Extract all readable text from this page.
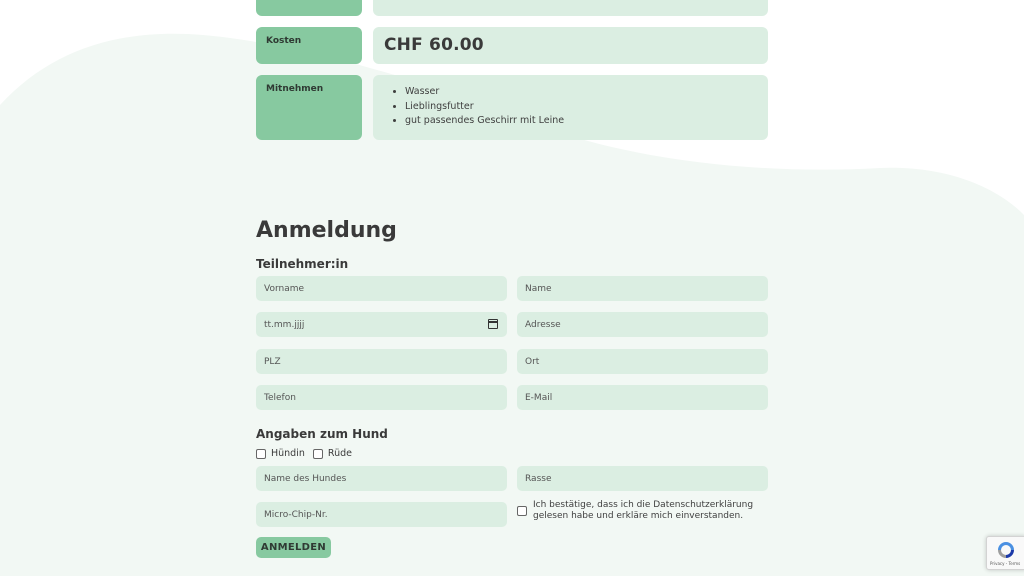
Kosten	CHF 60.00
Mitnehmen
•	Wasser
• Lieblingsfutter
• gut passendes Geschirr mit Leine
Anmeldung
Teilnehmer:in
Vorname	Name
tt.mm.jjjj	Adresse
PLZ	Ort
Telefon	E-Mail
Angaben zum Hund
Hündin Rüde
Name des Hundes	Rasse
Micro-Chip-Nr.
Ich bestätige, dass ich die Datenschutzerklärung gelesen habe und erkläre mich einverstanden.
ANMELDEN
Privacy - Terms
